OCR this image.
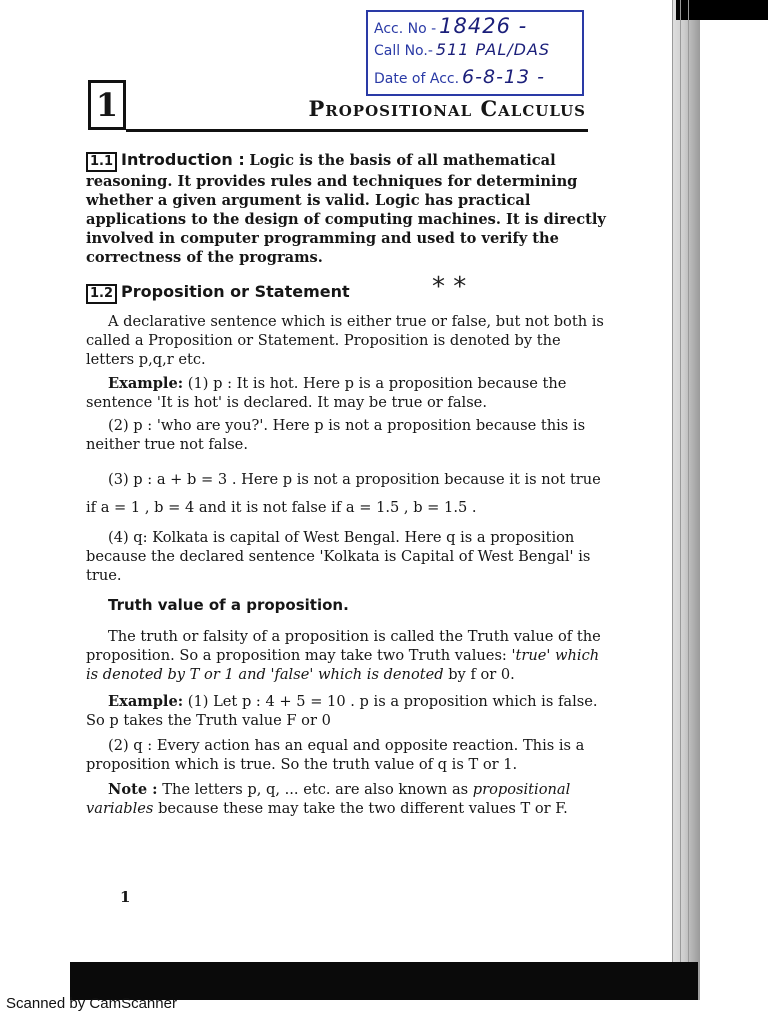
Acc. No - 18426 -
Call No.- 511 PAL/DAS
Date of Acc. 6-8-13 -
1	Propositional Calculus

1.1 Introduction : Logic is the basis of all mathematical reasoning. It provides rules and techniques for determining whether a given argument is valid. Logic has practical applications to the design of computing machines. It is directly involved in computer programming and used to verify the correctness of the programs.

1.2 Proposition or Statement

A declarative sentence which is either true or false, but not both is called a Proposition or Statement. Proposition is denoted by the letters p,q,r etc.

Example: (1) p : It is hot. Here p is a proposition because the sentence 'It is hot' is declared. It may be true or false.

(2) p : 'who are you?'. Here p is not a proposition because this is neither true not false.

(3) p : a + b = 3 . Here p is not a proposition because it is not true if a = 1 , b = 4 and it is not false if a = 1.5 , b = 1.5 .

(4) q: Kolkata is capital of West Bengal. Here q is a proposition because the declared sentence 'Kolkata is Capital of West Bengal' is true.

* *

Truth value of a proposition.

The truth or falsity of a proposition is called the Truth value of the proposition. So a proposition may take two Truth values: 'true' which is denoted by T or 1 and 'false' which is denoted by f or 0.

Example: (1) Let p : 4 + 5 = 10 . p is a proposition which is false. So p takes the Truth value F or 0

(2) q : Every action has an equal and opposite reaction. This is a proposition which is true. So the truth value of q is T or 1.

Note : The letters p, q, ... etc. are also known as propositional variables because these may take the two different values T or F.

1
Scanned by CamScanner
